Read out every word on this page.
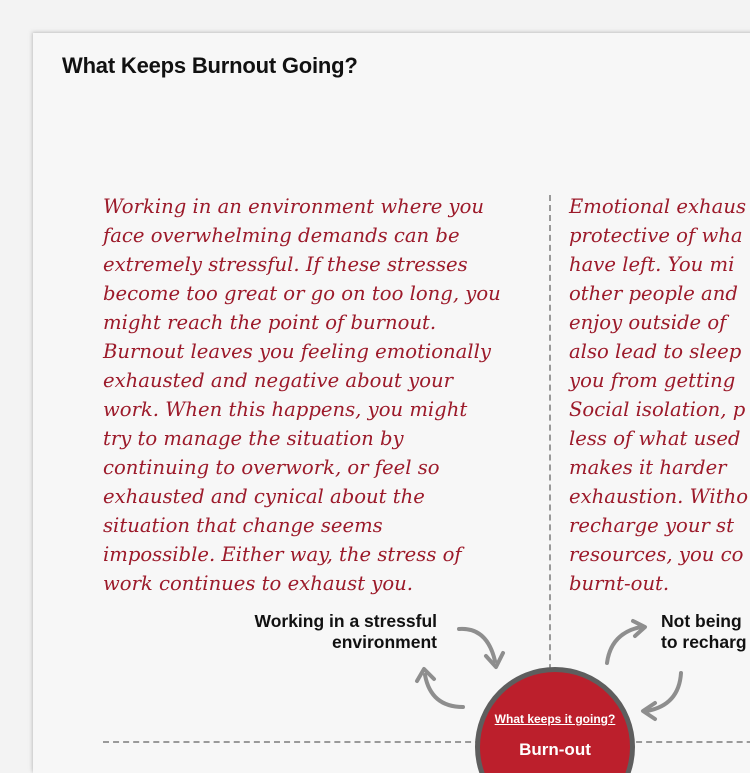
What Keeps Burnout Going?
Working in an environment where you
face overwhelming demands can be
extremely stressful. If these stresses
become too great or go on too long, you
might reach the point of burnout.
Burnout leaves you feeling emotionally
exhausted and negative about your
work. When this happens, you might
try to manage the situation by
continuing to overwork, or feel so
exhausted and cynical about the
situation that change seems
impossible. Either way, the stress of
work continues to exhaust you.
Emotional exhaus
protective of wha
have left. You mi
other people and
enjoy outside of
also lead to sleep
you from getting
Social isolation, p
less of what used
makes it harder
exhaustion. Witho
recharge your st
resources, you co
burnt-out.
Working in a stressful
environment
Not being
to recharg
What keeps it going?
Burn-out
